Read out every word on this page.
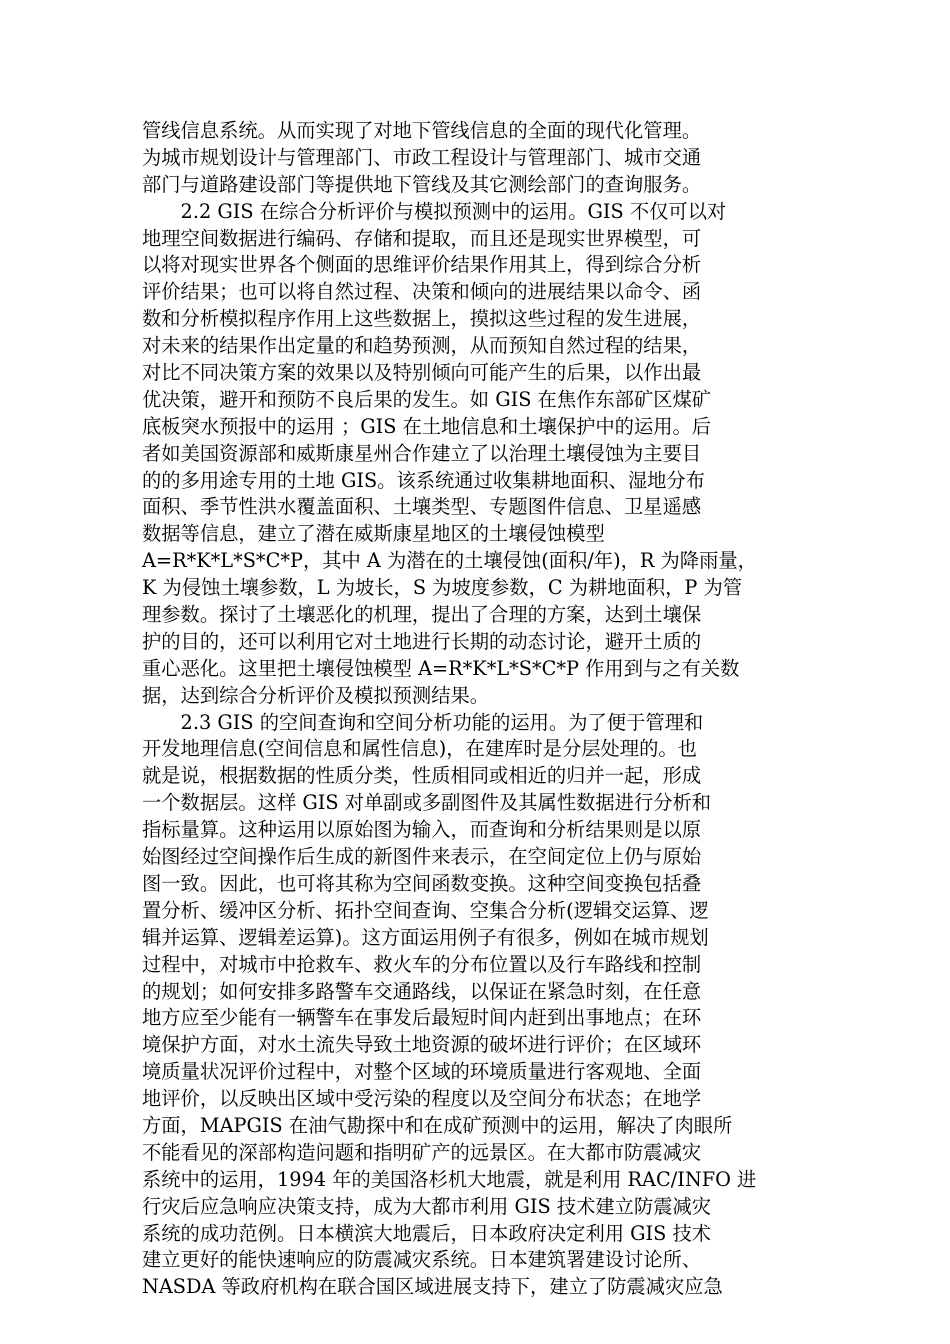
管线信息系统。从而实现了对地下管线信息的全面的现代化管理。
为城市规划设计与管理部门、市政工程设计与管理部门、城市交通
部门与道路建设部门等提供地下管线及其它测绘部门的查询服务。
　　2.2 GIS 在综合分析评价与模拟预测中的运用。GIS 不仅可以对
地理空间数据进行编码、存储和提取，而且还是现实世界模型，可
以将对现实世界各个侧面的思维评价结果作用其上，得到综合分析
评价结果；也可以将自然过程、决策和倾向的进展结果以命令、函
数和分析模拟程序作用上这些数据上，摸拟这些过程的发生进展，
对未来的结果作出定量的和趋势预测，从而预知自然过程的结果，
对比不同决策方案的效果以及特别倾向可能产生的后果，以作出最
优决策，避开和预防不良后果的发生。如 GIS 在焦作东部矿区煤矿
底板突水预报中的运用 ；GIS 在土地信息和土壤保护中的运用。后
者如美国资源部和威斯康星州合作建立了以治理土壤侵蚀为主要目
的的多用途专用的土地 GIS。该系统通过收集耕地面积、湿地分布
面积、季节性洪水覆盖面积、土壤类型、专题图件信息、卫星遥感
数据等信息，建立了潜在威斯康星地区的土壤侵蚀模型
A=R*K*L*S*C*P，其中 A 为潜在的土壤侵蚀(面积/年)，R 为降雨量，
K 为侵蚀土壤参数，L 为坡长，S 为坡度参数，C 为耕地面积，P 为管
理参数。探讨了土壤恶化的机理，提出了合理的方案，达到土壤保
护的目的，还可以利用它对土地进行长期的动态讨论，避开土质的
重心恶化。这里把土壤侵蚀模型 A=R*K*L*S*C*P 作用到与之有关数
据，达到综合分析评价及模拟预测结果。
　　2.3 GIS 的空间查询和空间分析功能的运用。为了便于管理和
开发地理信息(空间信息和属性信息)，在建库时是分层处理的。也
就是说，根据数据的性质分类，性质相同或相近的归并一起，形成
一个数据层。这样 GIS 对单副或多副图件及其属性数据进行分析和
指标量算。这种运用以原始图为输入，而查询和分析结果则是以原
始图经过空间操作后生成的新图件来表示，在空间定位上仍与原始
图一致。因此，也可将其称为空间函数变换。这种空间变换包括叠
置分析、缓冲区分析、拓扑空间查询、空集合分析(逻辑交运算、逻
辑并运算、逻辑差运算)。这方面运用例子有很多，例如在城市规划
过程中，对城市中抢救车、救火车的分布位置以及行车路线和控制
的规划；如何安排多路警车交通路线，以保证在紧急时刻，在任意
地方应至少能有一辆警车在事发后最短时间内赶到出事地点；在环
境保护方面，对水土流失导致土地资源的破坏进行评价；在区域环
境质量状况评价过程中，对整个区域的环境质量进行客观地、全面
地评价，以反映出区域中受污染的程度以及空间分布状态；在地学
方面，MAPGIS 在油气勘探中和在成矿预测中的运用，解决了肉眼所
不能看见的深部构造问题和指明矿产的远景区。在大都市防震减灾
系统中的运用，1994 年的美国洛杉机大地震，就是利用 RAC/INFO 进
行灾后应急响应决策支持，成为大都市利用 GIS 技术建立防震减灾
系统的成功范例。日本横滨大地震后，日本政府决定利用 GIS 技术
建立更好的能快速响应的防震减灾系统。日本建筑署建设讨论所、
NASDA 等政府机构在联合国区域进展支持下，建立了防震减灾应急
